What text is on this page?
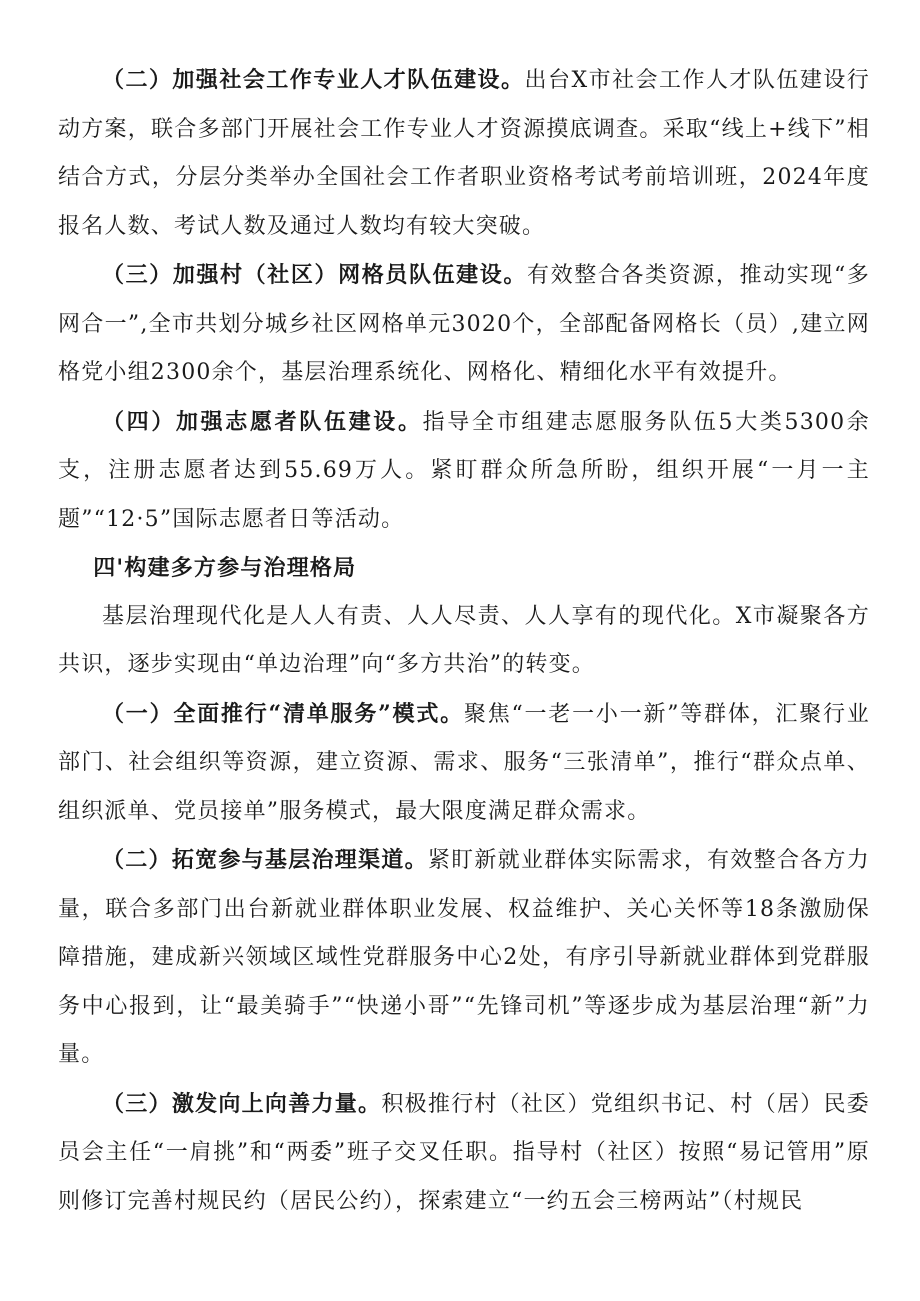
（二）加强社会工作专业人才队伍建设。出台X市社会工作人才队伍建设行动方案，联合多部门开展社会工作专业人才资源摸底调查。采取“线上+线下”相结合方式，分层分类举办全国社会工作者职业资格考试考前培训班，2024年度报名人数、考试人数及通过人数均有较大突破。

（三）加强村（社区）网格员队伍建设。有效整合各类资源，推动实现“多网合一”,全市共划分城乡社区网格单元3020个，全部配备网格长（员）,建立网格党小组2300余个，基层治理系统化、网格化、精细化水平有效提升。

（四）加强志愿者队伍建设。指导全市组建志愿服务队伍5大类5300余支，注册志愿者达到55.69万人。紧盯群众所急所盼，组织开展“一月一主题”“12·5”国际志愿者日等活动。

四'构建多方参与治理格局

基层治理现代化是人人有责、人人尽责、人人享有的现代化。X市凝聚各方共识，逐步实现由“单边治理”向“多方共治”的转变。

（一）全面推行“清单服务”模式。聚焦“一老一小一新”等群体，汇聚行业部门、社会组织等资源，建立资源、需求、服务“三张清单”，推行“群众点单、组织派单、党员接单”服务模式，最大限度满足群众需求。

（二）拓宽参与基层治理渠道。紧盯新就业群体实际需求，有效整合各方力量，联合多部门出台新就业群体职业发展、权益维护、关心关怀等18条激励保障措施，建成新兴领域区域性党群服务中心2处，有序引导新就业群体到党群服务中心报到，让“最美骑手”“快递小哥”“先锋司机”等逐步成为基层治理“新”力量。

（三）激发向上向善力量。积极推行村（社区）党组织书记、村（居）民委员会主任“一肩挑”和“两委”班子交叉任职。指导村（社区）按照“易记管用”原则修订完善村规民约（居民公约），探索建立“一约五会三榜两站”（村规民
